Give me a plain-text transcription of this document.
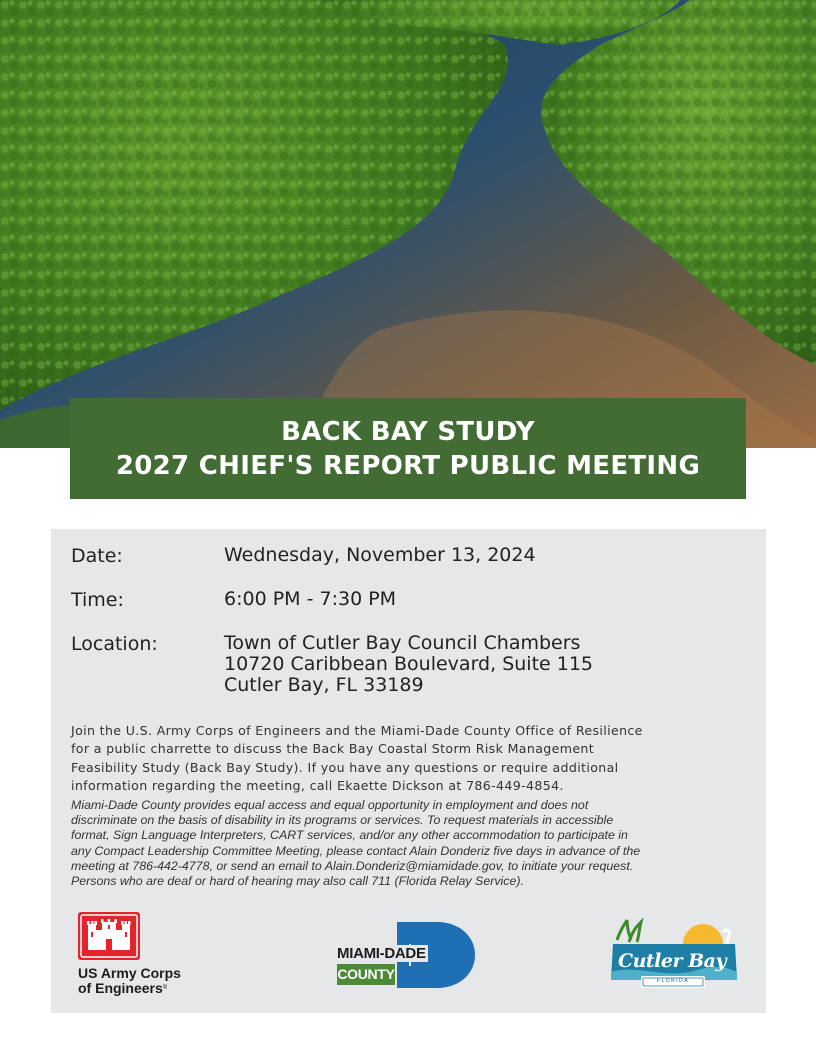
BACK BAY STUDY
2027 CHIEF'S REPORT PUBLIC MEETING
Date:	Wednesday, November 13, 2024
Time:	6:00 PM - 7:30 PM
Location:	Town of Cutler Bay Council Chambers
10720 Caribbean Boulevard, Suite 115
Cutler Bay, FL 33189
Join the U.S. Army Corps of Engineers and the Miami-Dade County Office of Resilience
for a public charrette to discuss the Back Bay Coastal Storm Risk Management
Feasibility Study (Back Bay Study). If you have any questions or require additional
information regarding the meeting, call Ekaette Dickson at 786-449-4854.
Miami-Dade County provides equal access and equal opportunity in employment and does not
discriminate on the basis of disability in its programs or services. To request materials in accessible
format, Sign Language Interpreters, CART services, and/or any other accommodation to participate in
any Compact Leadership Committee Meeting, please contact Alain Donderiz five days in advance of the
meeting at 786-442-4778, or send an email to Alain.Donderiz@miamidade.gov, to initiate your request.
Persons who are deaf or hard of hearing may also call 711 (Florida Relay Service).
US Army Corps
of Engineers®
MIAMI-DADE
COUNTY
Cutler Bay
FLORIDA
